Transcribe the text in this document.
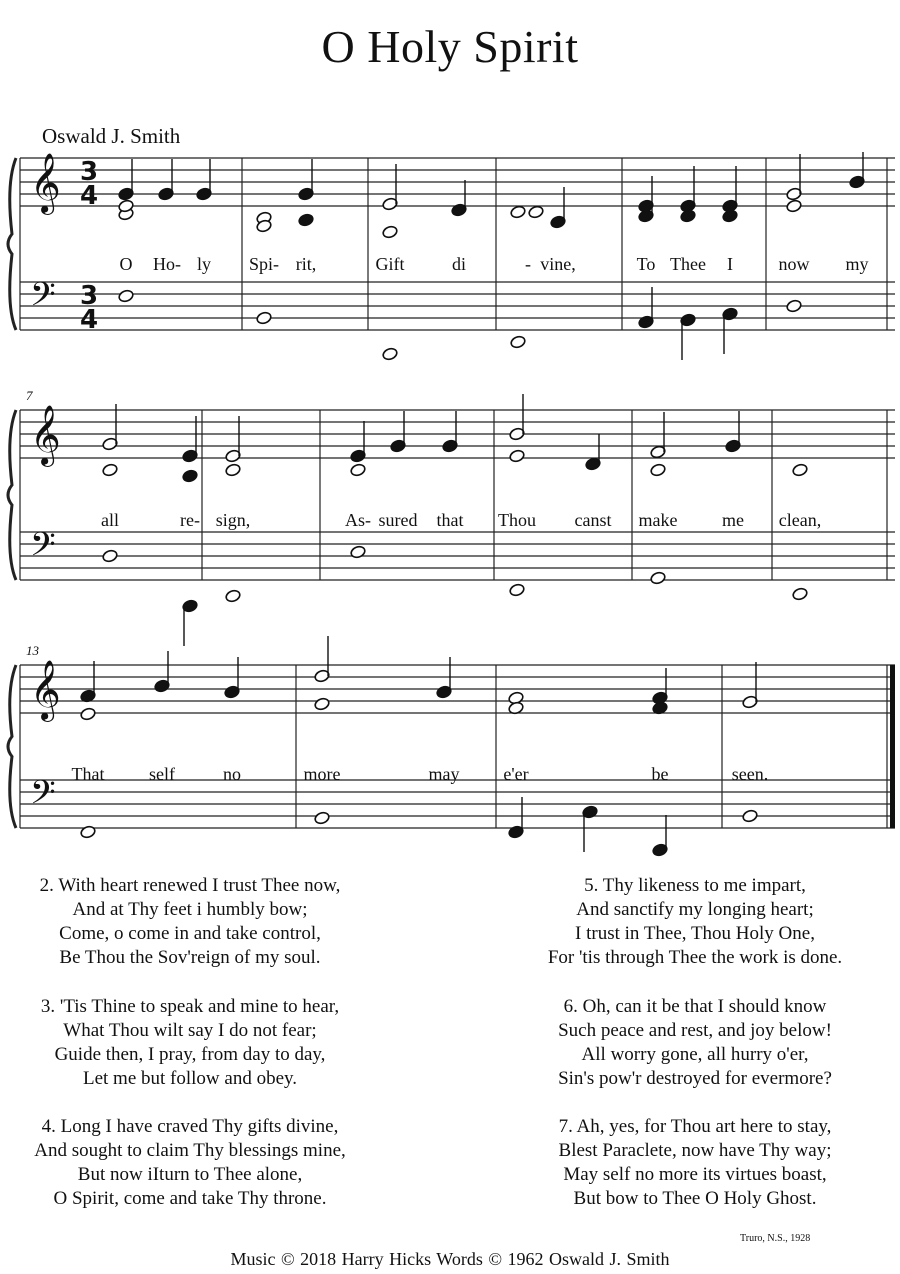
O Holy Spirit
Oswald J. Smith
𝄞
𝄢
3
4
3
4
O Ho- ly Spi- rit,	Gift	di	- vine,	To Thee I	now my
𝄞
𝄢
7
all	re- sign,	As- sured that Thou canst make me clean,
𝄞
𝄢
13
That self	no	more	may e'er	be	seen.
2. With heart renewed I trust Thee now,
And at Thy feet i humbly bow;
Come, o come in and take control,
Be Thou the Sov'reign of my soul.
3. 'Tis Thine to speak and mine to hear,
What Thou wilt say I do not fear;
Guide then, I pray, from day to day,
Let me but follow and obey.
4. Long I have craved Thy gifts divine,
And sought to claim Thy blessings mine,
But now iIturn to Thee alone,
O Spirit, come and take Thy throne.
5. Thy likeness to me impart,
And sanctify my longing heart;
I trust in Thee, Thou Holy One,
For 'tis through Thee the work is done.
6. Oh, can it be that I should know
Such peace and rest, and joy below!
All worry gone, all hurry o'er,
Sin's pow'r destroyed for evermore?
7. Ah, yes, for Thou art here to stay,
Blest Paraclete, now have Thy way;
May self no more its virtues boast,
But bow to Thee O Holy Ghost.
Truro, N.S., 1928
Music © 2018 Harry Hicks Words © 1962 Oswald J. Smith
